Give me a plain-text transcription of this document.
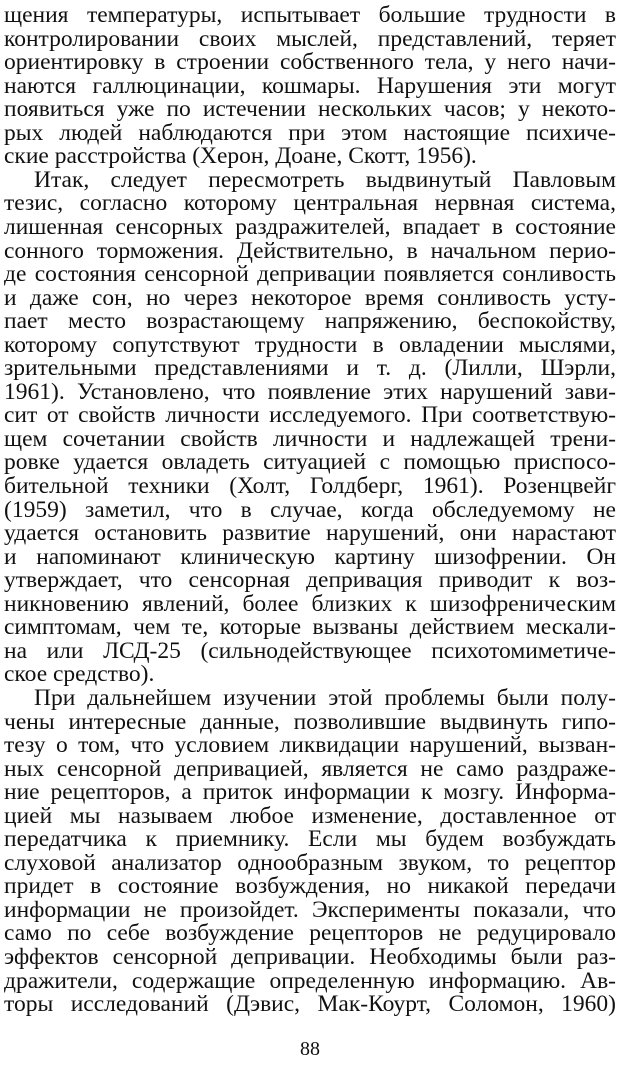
щения температуры, испытывает большие трудности в
контролировании своих мыслей, представлений, теряет
ориентировку в строении собственного тела, у него начи-
наются галлюцинации, кошмары. Нарушения эти могут
появиться уже по истечении нескольких часов; у некото-
рых людей наблюдаются при этом настоящие психиче-
ские расстройства (Херон, Доане, Скотт, 1956).
Итак, следует пересмотреть выдвинутый Павловым
тезис, согласно которому центральная нервная система,
лишенная сенсорных раздражителей, впадает в состояние
сонного торможения. Действительно, в начальном перио-
де состояния сенсорной депривации появляется сонливость
и даже сон, но через некоторое время сонливость усту-
пает место возрастающему напряжению, беспокойству,
которому сопутствуют трудности в овладении мыслями,
зрительными представлениями и т. д. (Лилли, Шэрли,
1961). Установлено, что появление этих нарушений зави-
сит от свойств личности исследуемого. При соответствую-
щем сочетании свойств личности и надлежащей трени-
ровке удается овладеть ситуацией с помощью приспосо-
бительной техники (Холт, Голдберг, 1961). Розенцвейг
(1959) заметил, что в случае, когда обследуемому не
удается остановить развитие нарушений, они нарастают
и напоминают клиническую картину шизофрении. Он
утверждает, что сенсорная депривация приводит к воз-
никновению явлений, более близких к шизофреническим
симптомам, чем те, которые вызваны действием мескали-
на или ЛСД-25 (сильнодействующее психотомиметиче-
ское средство).
При дальнейшем изучении этой проблемы были полу-
чены интересные данные, позволившие выдвинуть гипо-
тезу о том, что условием ликвидации нарушений, вызван-
ных сенсорной депривацией, является не само раздраже-
ние рецепторов, а приток информации к мозгу. Информа-
цией мы называем любое изменение, доставленное от
передатчика к приемнику. Если мы будем возбуждать
слуховой анализатор однообразным звуком, то рецептор
придет в состояние возбуждения, но никакой передачи
информации не произойдет. Эксперименты показали, что
само по себе возбуждение рецепторов не редуцировало
эффектов сенсорной депривации. Необходимы были раз-
дражители, содержащие определенную информацию. Ав-
торы исследований (Дэвис, Мак-Коурт, Соломон, 1960)
88
